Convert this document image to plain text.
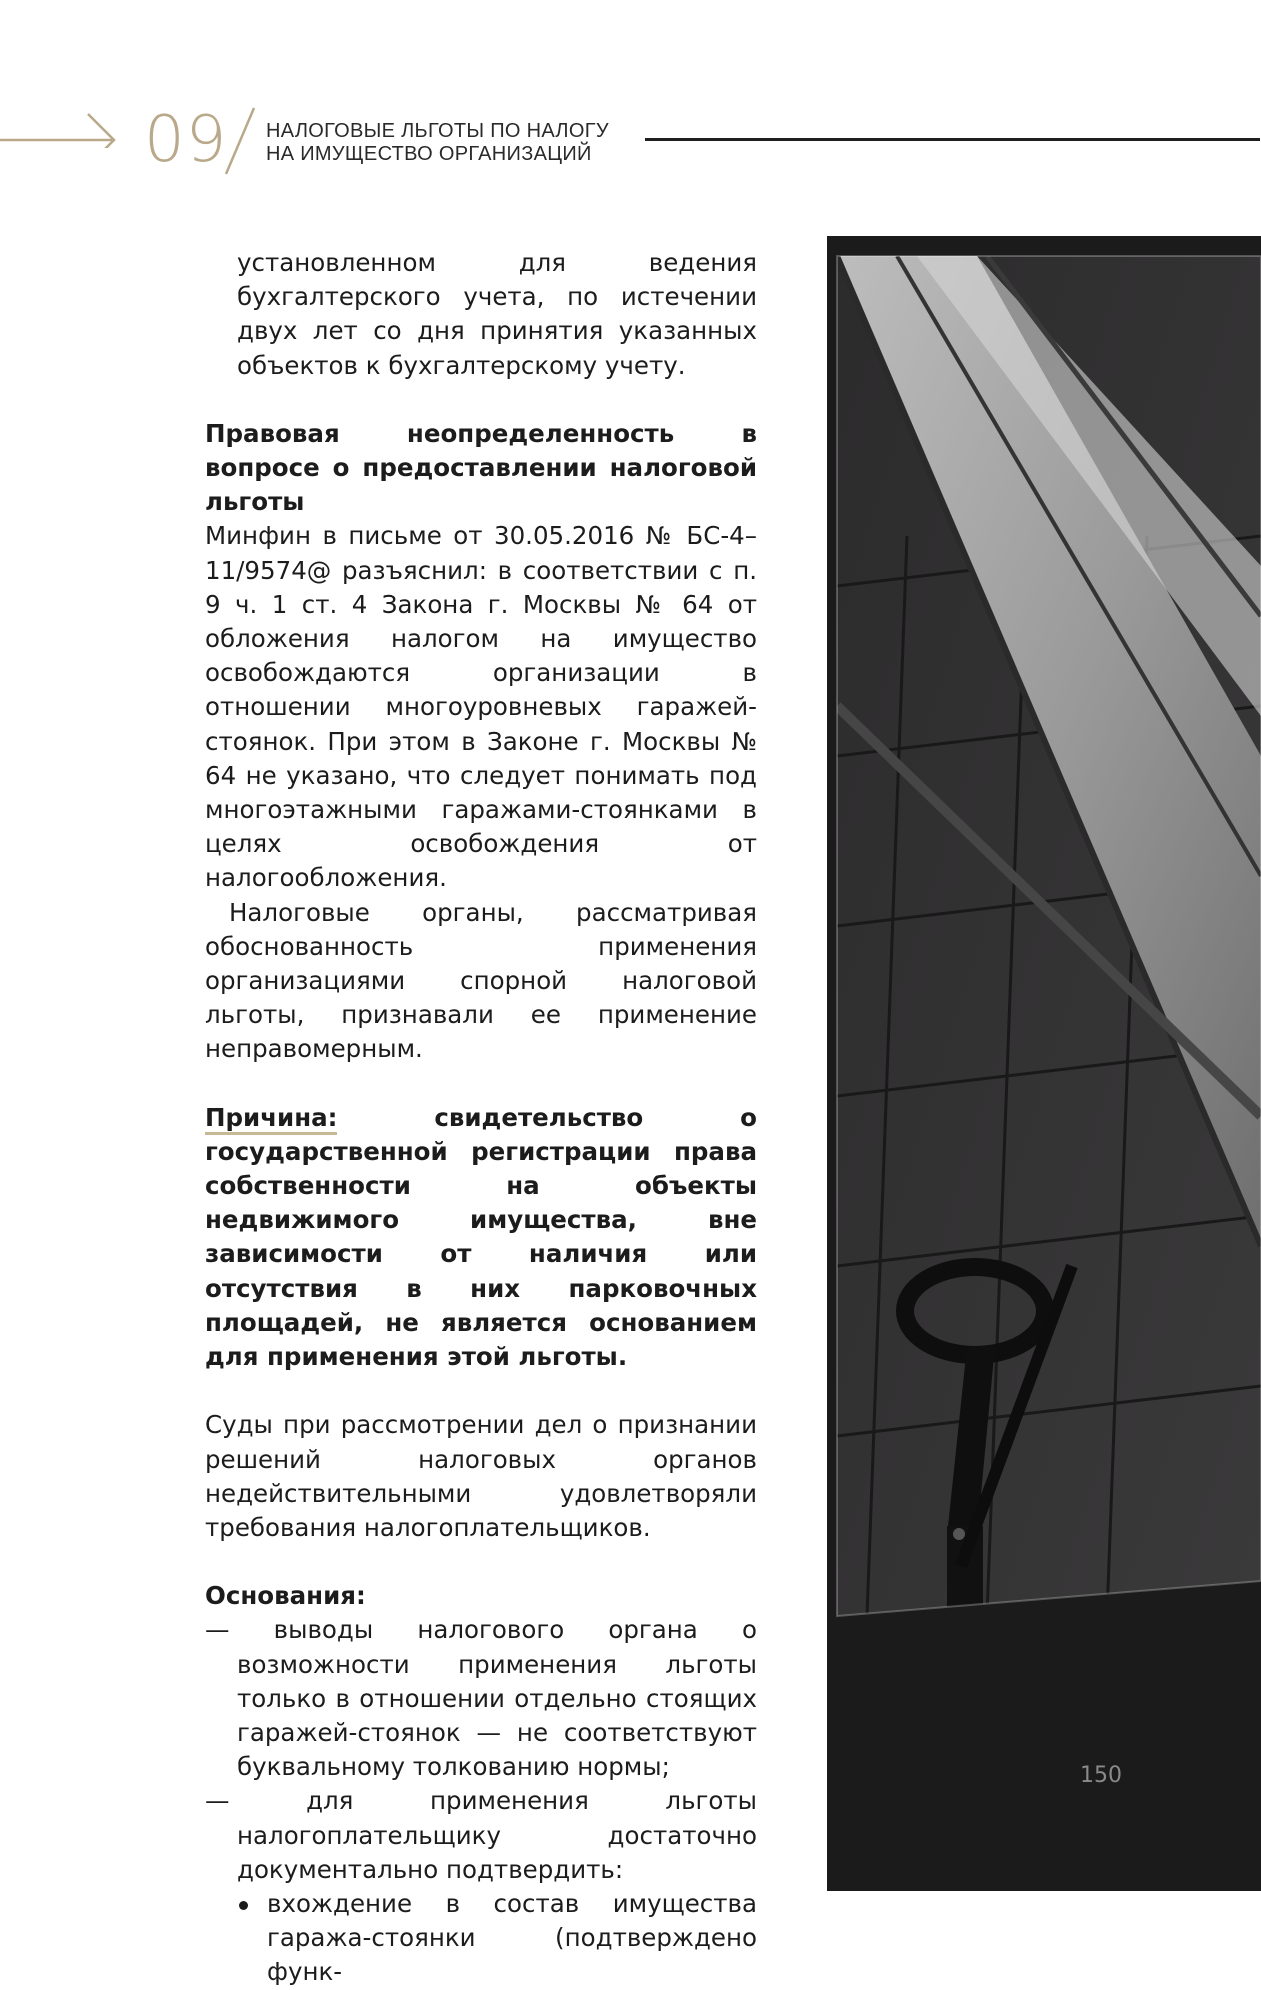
09 НАЛОГОВЫЕ ЛЬГОТЫ ПО НАЛОГУ
НА ИМУЩЕСТВО ОРГАНИЗАЦИЙ

установленном для ведения бухгалтерского учета, по истечении двух лет со дня принятия указанных объектов к бухгалтерскому учету.

Правовая неопределенность в вопросе о предоставлении налоговой льготы

Минфин в письме от 30.05.2016 № БС-4–11/9574@ разъяснил: в соответствии с п. 9 ч. 1 ст. 4 Закона г. Москвы № 64 от обложения налогом на имущество освобождаются организации в отношении многоуровневых гаражей-стоянок. При этом в Законе г. Москвы № 64 не указано, что следует понимать под многоэтажными гаражами-стоянками в целях освобождения от налогообложения.

Налоговые органы, рассматривая обоснованность применения организациями спорной налоговой льготы, признавали ее применение неправомерным.

Причина: свидетельство о государственной регистрации права собственности на объекты недвижимого имущества, вне зависимости от наличия или отсутствия в них парковочных площадей, не является основанием для применения этой льготы.

Суды при рассмотрении дел о признании решений налоговых органов недействительными удовлетворяли требования налогоплательщиков.

Основания:

— выводы налогового органа о возможности применения льготы только в отношении отдельно стоящих гаражей-стоянок — не соответствуют буквальному толкованию нормы;

— для применения льготы налогоплательщику достаточно документально подтвердить:

вхождение в состав имущества гаража-стоянки (подтверждено функ-

150
